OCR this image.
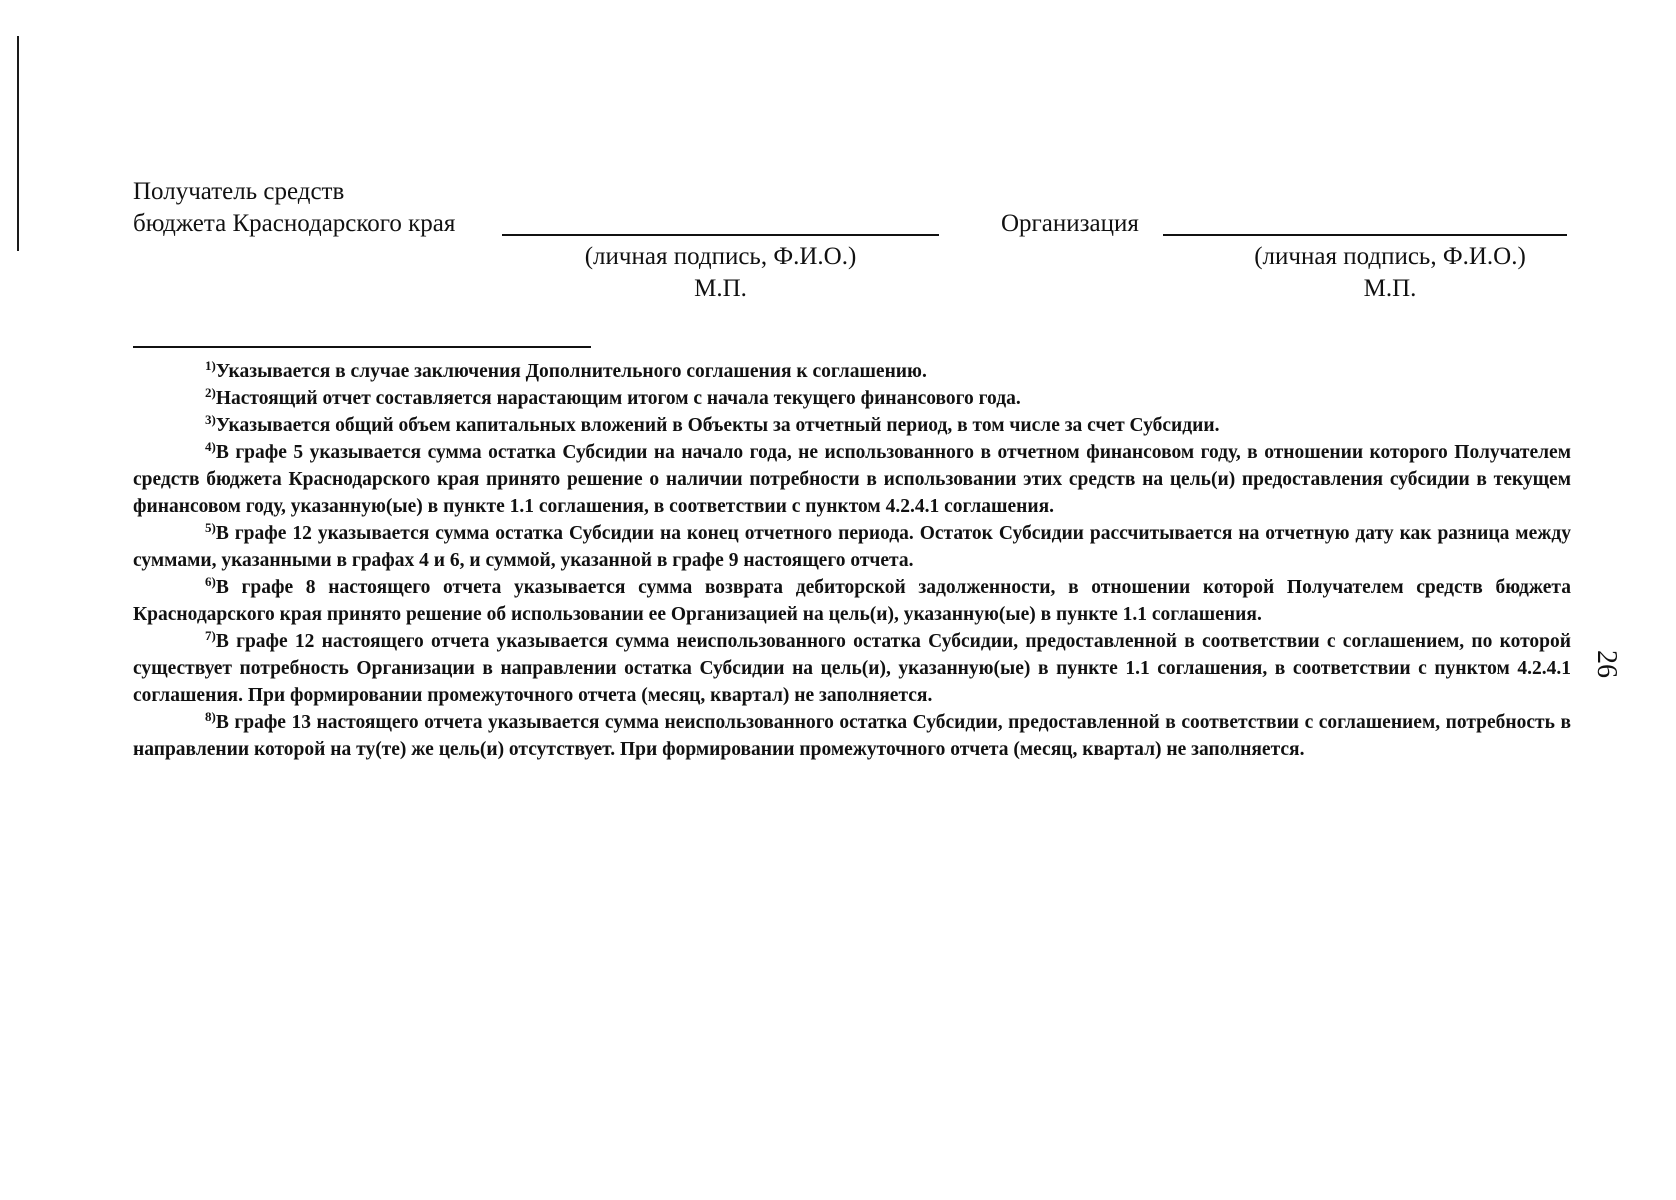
Получатель средств
бюджета Краснодарского края
(личная подпись, Ф.И.О.)
М.П.
Организация
(личная подпись, Ф.И.О.)
М.П.

$^{1)}$Указывается в случае заключения Дополнительного соглашения к соглашению.

$^{2)}$Настоящий отчет составляется нарастающим итогом с начала текущего финансового года.

$^{3)}$Указывается общий объем капитальных вложений в Объекты за отчетный период, в том числе за счет Субсидии.

$^{4)}$В графе 5 указывается сумма остатка Субсидии на начало года, не использованного в отчетном финансовом году, в отношении которого Получателем средств бюджета Краснодарского края принято решение о наличии потребности в использовании этих средств на цель(и) предоставления субсидии в текущем финансовом году, указанную(ые) в пункте 1.1 соглашения, в соответствии с пунктом 4.2.4.1 соглашения.

$^{5)}$В графе 12 указывается сумма остатка Субсидии на конец отчетного периода. Остаток Субсидии рассчитывается на отчетную дату как разница между суммами, указанными в графах 4 и 6, и суммой, указанной в графе 9 настоящего отчета.

$^{6)}$В графе 8 настоящего отчета указывается сумма возврата дебиторской задолженности, в отношении которой Получателем средств бюджета Краснодарского края принято решение об использовании ее Организацией на цель(и), указанную(ые) в пункте 1.1 соглашения.

$^{7)}$В графе 12 настоящего отчета указывается сумма неиспользованного остатка Субсидии, предоставленной в соответствии с соглашением, по которой существует потребность Организации в направлении остатка Субсидии на цель(и), указанную(ые) в пункте 1.1 соглашения, в соответствии с пунктом 4.2.4.1 соглашения. При формировании промежуточного отчета (месяц, квартал) не заполняется.

$^{8)}$В графе 13 настоящего отчета указывается сумма неиспользованного остатка Субсидии, предоставленной в соответствии с соглашением, потребность в направлении которой на ту(те) же цель(и) отсутствует. При формировании промежуточного отчета (месяц, квартал) не заполняется.

26
